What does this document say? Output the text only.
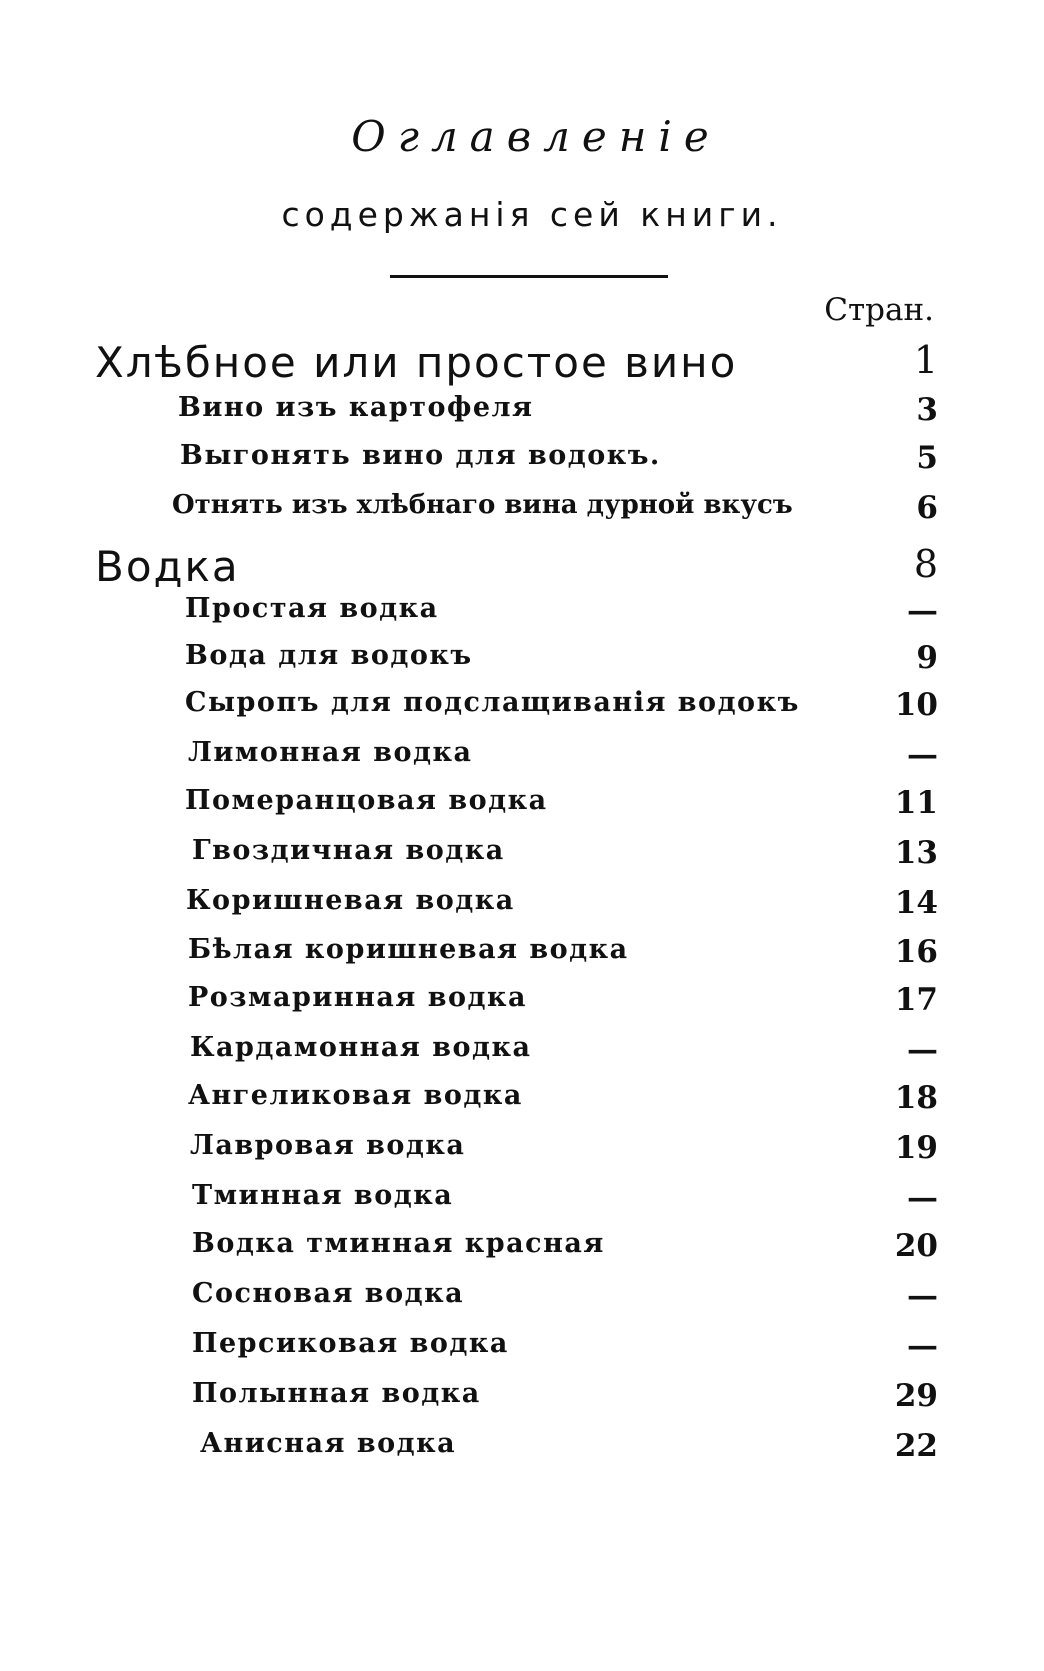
Оглавленіе
содержанія сей книги.
Стран.
Хлѣбное или простое вино	1
Вино изъ картофеля	3
Выгонять вино для водокъ.	5
Отнять изъ хлѣбнаго вина дурной вкусъ	6
Водка	8
Простая водка	—
Вода для водокъ	9
Сыропъ для подслащиванія водокъ	10
Лимонная водка	—
Померанцовая водка	11
Гвоздичная водка	13
Коришневая водка	14
Бѣлая коришневая водка	16
Розмаринная водка	17
Кардамонная водка	—
Ангеликовая водка	18
Лавровая водка	19
Тминная водка	—
Водка тминная красная	20
Сосновая водка	—
Персиковая водка	—
Полынная водка	29
Анисная водка	22
